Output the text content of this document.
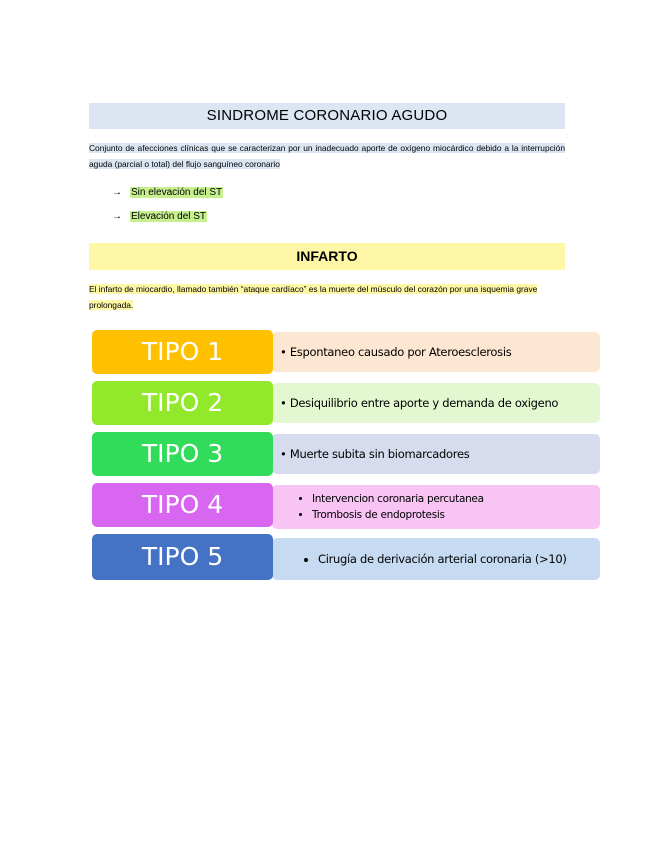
SINDROME CORONARIO AGUDO
Conjunto de afecciones clínicas que se caracterizan por un inadecuado aporte de oxígeno miocárdico debido a la interrupción aguda (parcial o total) del flujo sanguíneo coronario
→ Sin elevación del ST
→ Elevación del ST
INFARTO
El infarto de miocardio, llamado también “ataque cardíaco” es la muerte del músculo del corazón por una isquemia grave prolongada.
TIPO 1	• Espontaneo causado por Ateroesclerosis
TIPO 2	• Desiquilibrio entre aporte y demanda de oxigeno
TIPO 3	• Muerte subita sin biomarcadores
TIPO 4	• Intervencion coronaria percutanea
• Trombosis de endoprotesis
TIPO 5	• Cirugía de derivación arterial coronaria (>10)
